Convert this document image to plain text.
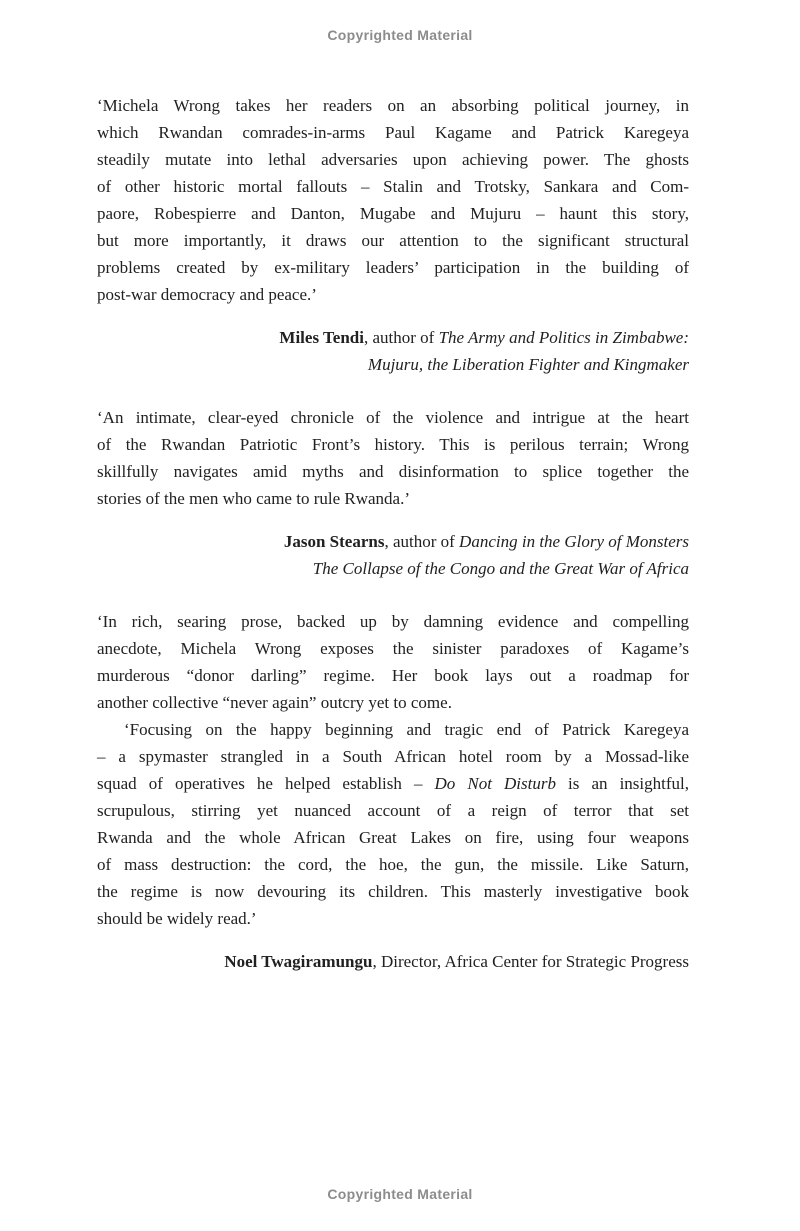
Copyrighted Material
‘Michela Wrong takes her readers on an absorbing political journey, in
which Rwandan comrades-in-arms Paul Kagame and Patrick Karegeya
steadily mutate into lethal adversaries upon achieving power. The ghosts
of other historic mortal fallouts – Stalin and Trotsky, Sankara and Com-
paore, Robespierre and Danton, Mugabe and Mujuru – haunt this story,
but more importantly, it draws our attention to the significant structural
problems created by ex-military leaders’ participation in the building of
post-war democracy and peace.’
Miles Tendi, author of The Army and Politics in Zimbabwe:
Mujuru, the Liberation Fighter and Kingmaker
‘An intimate, clear-eyed chronicle of the violence and intrigue at the heart
of the Rwandan Patriotic Front’s history. This is perilous terrain; Wrong
skillfully navigates amid myths and disinformation to splice together the
stories of the men who came to rule Rwanda.’
Jason Stearns, author of Dancing in the Glory of Monsters
The Collapse of the Congo and the Great War of Africa
‘In rich, searing prose, backed up by damning evidence and compelling
anecdote, Michela Wrong exposes the sinister paradoxes of Kagame’s
murderous “donor darling” regime. Her book lays out a roadmap for
another collective “never again” outcry yet to come.
‘Focusing on the happy beginning and tragic end of Patrick Karegeya
– a spymaster strangled in a South African hotel room by a Mossad-like
squad of operatives he helped establish – Do Not Disturb is an insightful,
scrupulous, stirring yet nuanced account of a reign of terror that set
Rwanda and the whole African Great Lakes on fire, using four weapons
of mass destruction: the cord, the hoe, the gun, the missile. Like Saturn,
the regime is now devouring its children. This masterly investigative book
should be widely read.’
Noel Twagiramungu, Director, Africa Center for Strategic Progress
Copyrighted Material
